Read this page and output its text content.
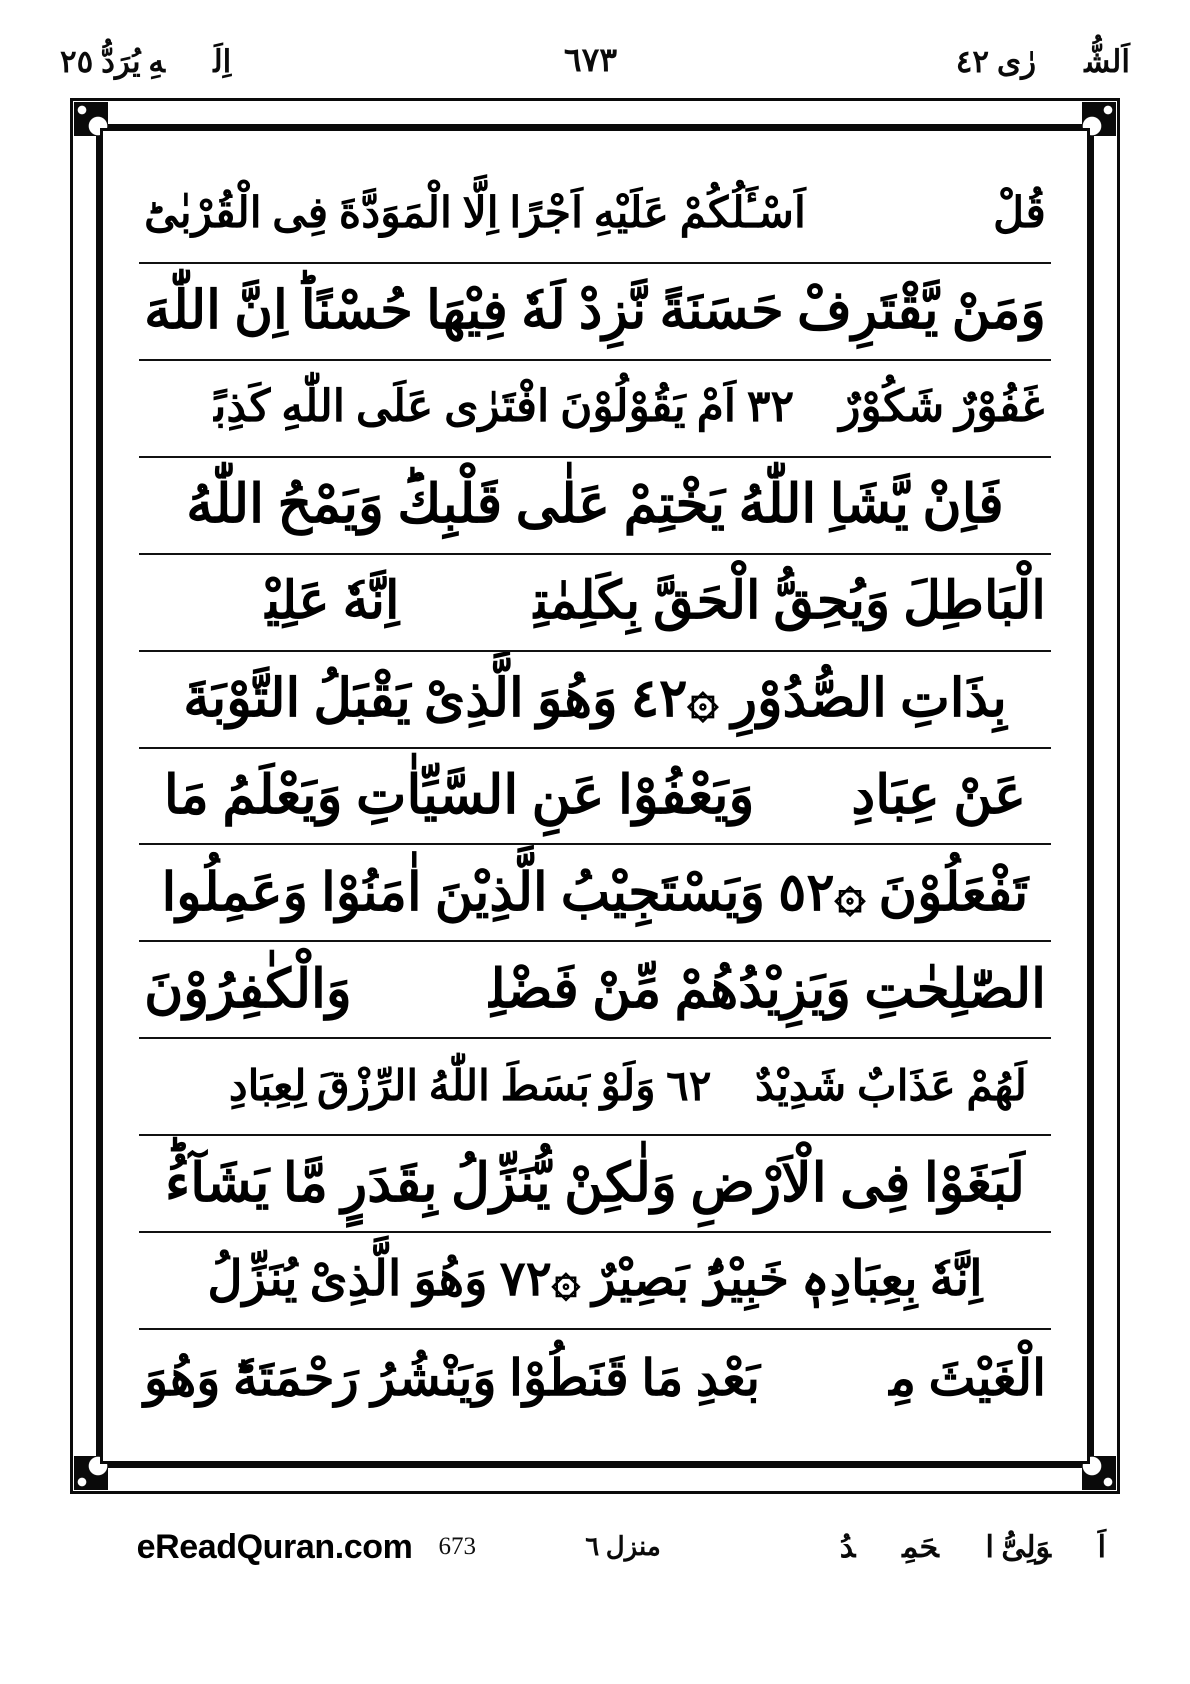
اَلشُّوۡرٰی ٤٢
٦٧٣
اِلَیۡهِ یُرَدُّ ٢٥
قُلْ لَّاۤ اَسْـَٔلُكُمْ عَلَيْهِ اَجْرًا اِلَّا الْمَوَدَّةَ فِى الْقُرْبٰىؕ
وَمَنْ يَّقْتَرِفْ حَسَنَةً نَّزِدْ لَهٗ فِيْهَا حُسْنًاؕ اِنَّ اللّٰهَ
غَفُوْرٌ شَكُوْرٌ ۞٢٣ اَمْ يَقُوْلُوْنَ افْتَرٰى عَلَى اللّٰهِ كَذِبًاۚ
فَاِنْ يَّشَاِ اللّٰهُ يَخْتِمْ عَلٰى قَلْبِكَؕ وَيَمْحُ اللّٰهُ
الْبَاطِلَ وَيُحِقُّ الْحَقَّ بِكَلِمٰتِهٖؕ اِنَّهٗ عَلِيْمٌۢ
بِذَاتِ الصُّدُوْرِ ۞٢٤ وَهُوَ الَّذِىْ يَقْبَلُ التَّوْبَةَ
عَنْ عِبَادِهٖ وَيَعْفُوْا عَنِ السَّيِّاٰتِ وَيَعْلَمُ مَا
تَفْعَلُوْنَ ۞٢٥ وَيَسْتَجِيْبُ الَّذِيْنَ اٰمَنُوْا وَعَمِلُوا
الصّٰلِحٰتِ وَيَزِيْدُهُمْ مِّنْ فَضْلِهٖؕ وَالْكٰفِرُوْنَ
لَهُمْ عَذَابٌ شَدِيْدٌ ۞٢٦ وَلَوْ بَسَطَ اللّٰهُ الرِّزْقَ لِعِبَادِهٖ
لَبَغَوْا فِى الْاَرْضِ وَلٰكِنْ يُّنَزِّلُ بِقَدَرٍ مَّا يَشَآءُؕ
اِنَّهٗ بِعِبَادِهٖ خَبِيْرٌۢ بَصِيْرٌ ۞٢٧ وَهُوَ الَّذِىْ يُنَزِّلُ
الْغَيْثَ مِنْۢ بَعْدِ مَا قَنَطُوْا وَيَنْشُرُ رَحْمَتَهٗؕ وَهُوَ
اَلۡوَلِیُّ الۡحَمِیۡدُ
منزل ٦
eReadQuran.com 673
